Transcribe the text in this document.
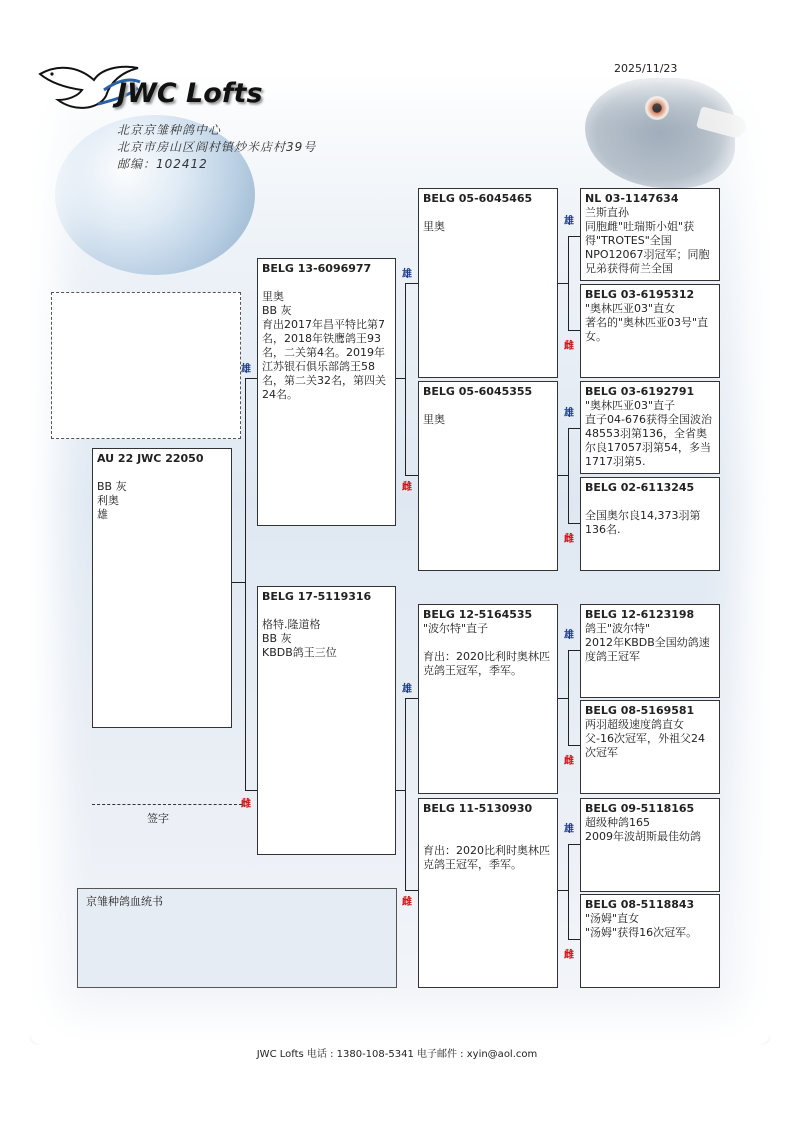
JWC Lofts
北京京雏种鸽中心
北京市房山区阎村镇炒米店村39号
邮编：102412
2025/11/23
雄
雌
雄
雌
雄
雌
雄
雌
雄
雌
雄
雌
雄
雌
AU 22 JWC 22050
BB 灰
利奥
雄
BELG 13-6096977
里奥
BB 灰
育出2017年昌平特比第7名，2018年铁鹰鸽王93名，二关第4名。2019年江苏银石俱乐部鸽王58名，第二关32名，第四关24名。
BELG 17-5119316
格特.隆道格
BB 灰
KBDB鸽王三位
BELG 05-6045465
里奥
BELG 05-6045355
里奥
BELG 12-5164535
"波尔特"直子
育出：2020比利时奥林匹克鸽王冠军，季军。
BELG 11-5130930
育出：2020比利时奥林匹克鸽王冠军，季军。
NL 03-1147634
兰斯直孙
同胞雌"吐瑞斯小姐"获得"TROTES"全国NPO12067羽冠军；同胞兄弟获得荷兰全国
BELG 03-6195312
"奥林匹亚03"直女
著名的"奥林匹亚03号"直女。
BELG 03-6192791
"奥林匹亚03"直子
直子04-676获得全国波治48553羽第136，全省奥尔良17057羽第54，多当1717羽第5.
BELG 02-6113245
全国奥尔良14,373羽第136名.
BELG 12-6123198
鸽王"波尔特"
2012年KBDB全国幼鸽速度鸽王冠军
BELG 08-5169581
两羽超级速度鸽直女
父-16次冠军，外祖父24次冠军
BELG 09-5118165
超级种鸽165
2009年波胡斯最佳幼鸽
BELG 08-5118843
"汤姆"直女
"汤姆"获得16次冠军。
签字
京雏种鸽血统书
JWC Lofts 电话 : 1380-108-5341 电子邮件 : xyin@aol.com
